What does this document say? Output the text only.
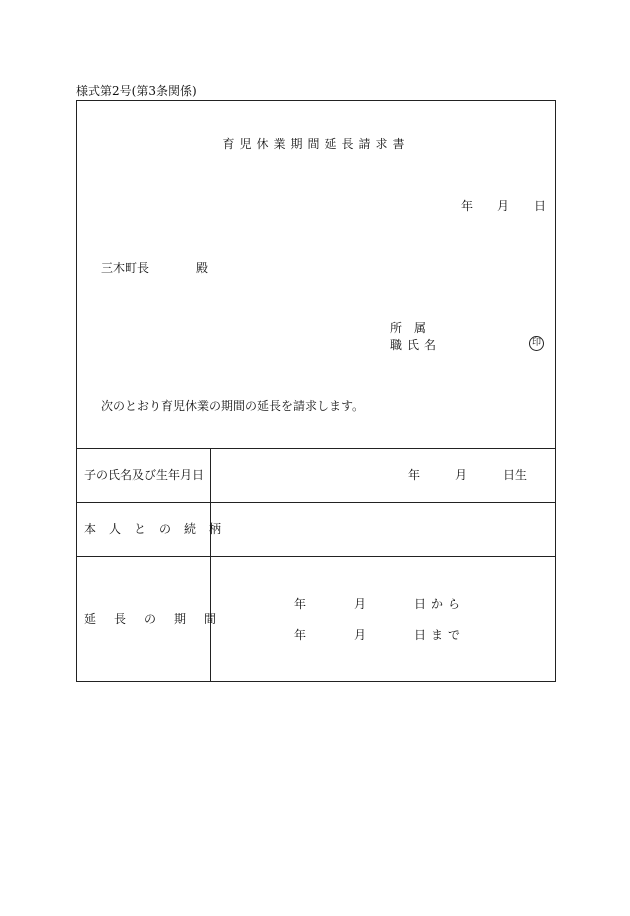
様式第2号(第3条関係)
育児休業期間延長請求書
年 月 日
三木町長	殿
所　属
職氏名	印
次のとおり育児休業の期間の延長を請求します。
子の氏名及び生年月日	年	月	日生
本人との続柄
延長の期間
年	月	日から
年	月	日まで
